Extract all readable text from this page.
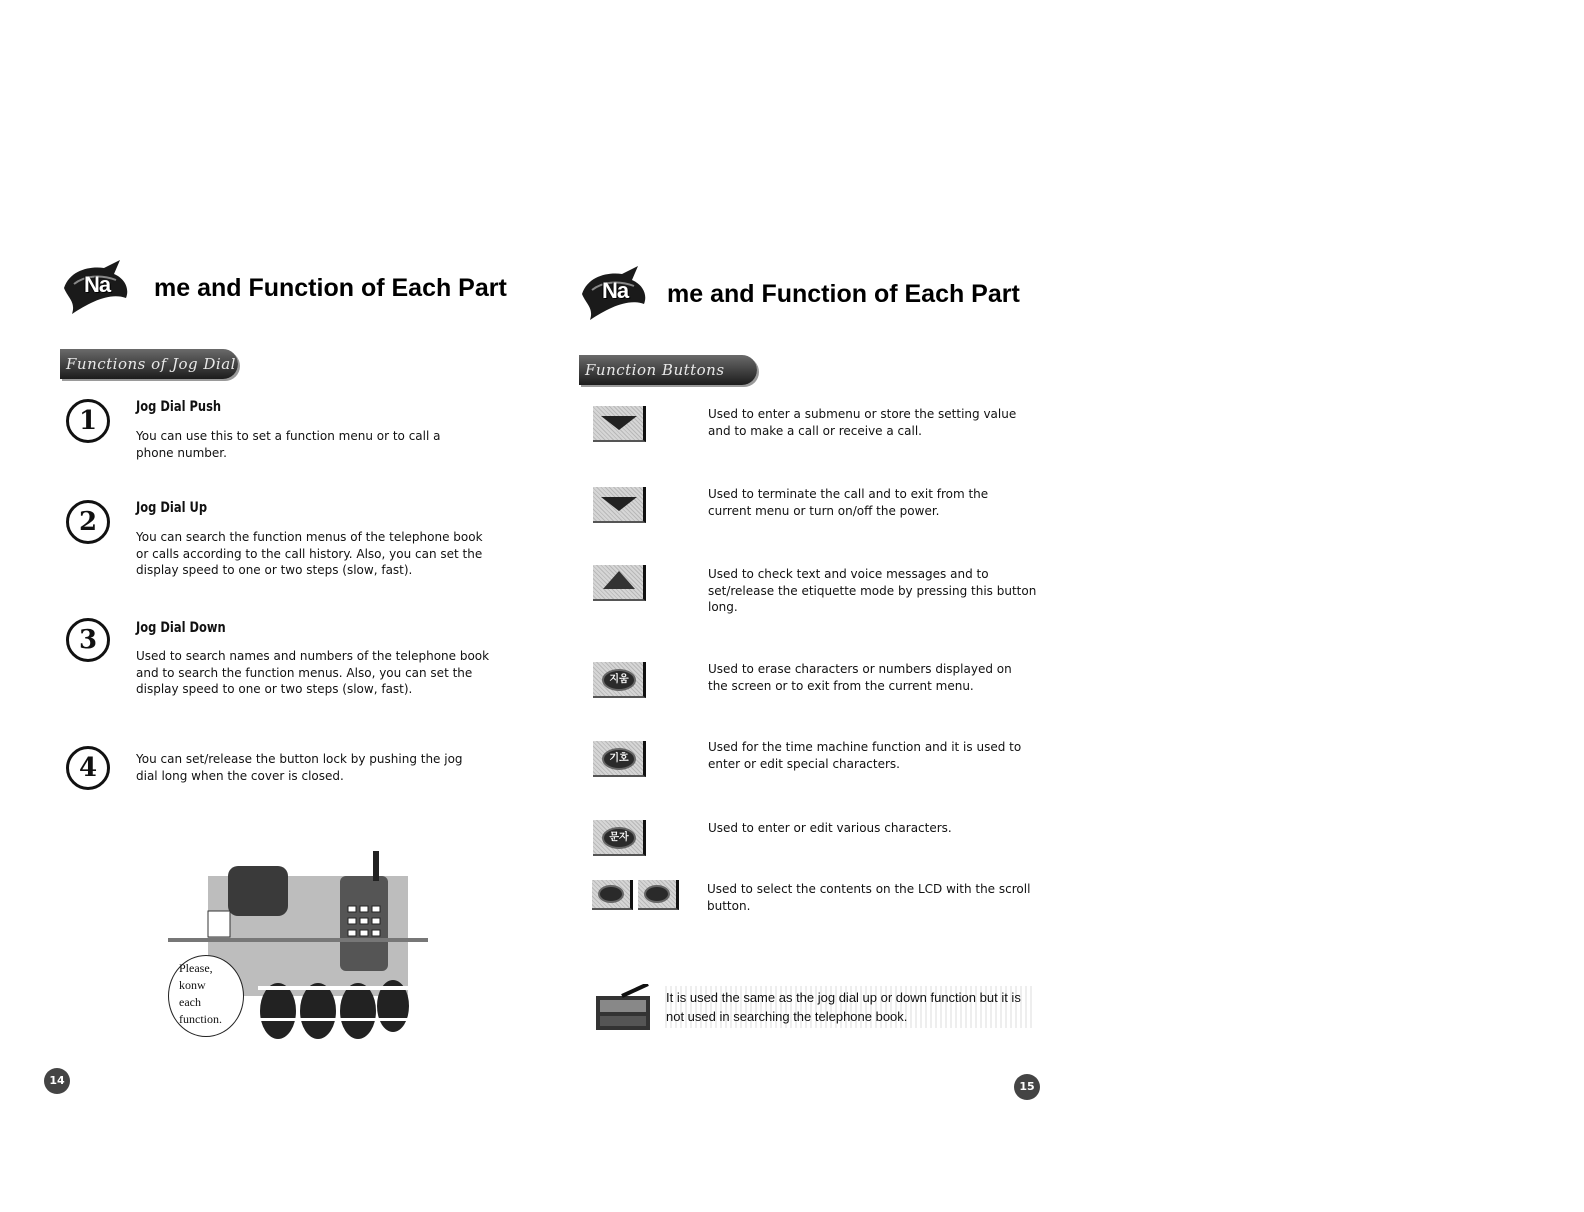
Na me and Function of Each Part
Functions of Jog Dial
1	Jog Dial Push
You can use this to set a function menu or to call a phone number.
2	Jog Dial Up
You can search the function menus of the telephone book or calls according to the call history. Also, you can set the display speed to one or two steps (slow, fast).
3	Jog Dial Down
Used to search names and numbers of the telephone book and to search the function menus. Also, you can set the display speed to one or two steps (slow, fast).
4	You can set/release the button lock by pushing the jog dial long when the cover is closed.
Please,
konw
each
function.
14
Na me and Function of Each Part
Function Buttons
Used to enter a submenu or store the setting value and to make a call or receive a call.
Used to terminate the call and to exit from the current menu or turn on/off the power.
Used to check text and voice messages and to set/release the etiquette mode by pressing this button long.
지움
Used to erase characters or numbers displayed on the screen or to exit from the current menu.
기호
Used for the time machine function and it is used to enter or edit special characters.
문자
Used to enter or edit various characters.
Used to select the contents on the LCD with the scroll button.
It is used the same as the jog dial up or down function but it is not used in searching the telephone book.
15
